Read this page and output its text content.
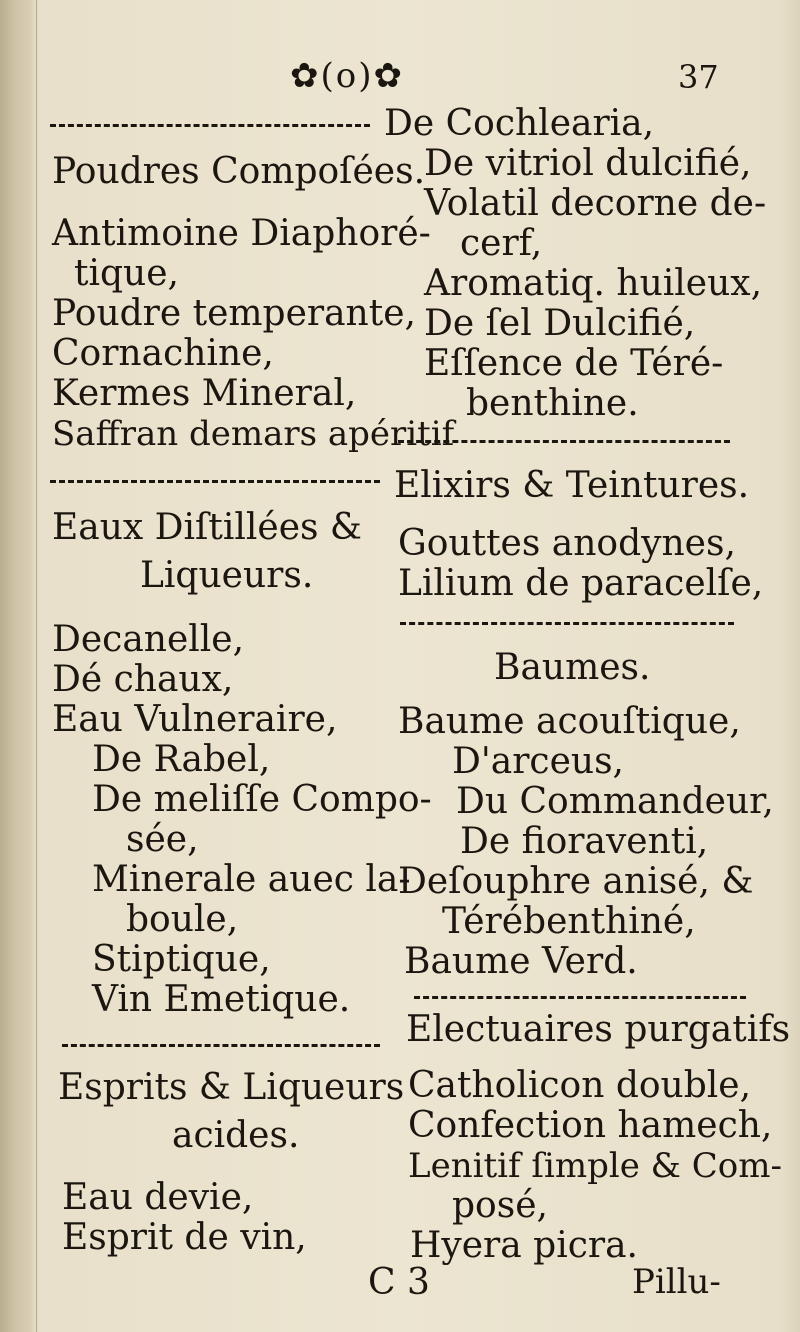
✿(o)✿	37
Poudres Compoſées.
Antimoine Diaphoré-
tique,
Poudre temperante,
Cornachine,
Kermes Mineral,
Saffran demars apéritif
Eaux Diſtillées &
Liqueurs.
Decanelle,
Dé chaux,
Eau Vulneraire,
De Rabel,
De meliſſe Compo-
sée,
Minerale auec la-
boule,
Stiptique,
Vin Emetique.
Esprits & Liqueurs
acides.
Eau devie,
Esprit de vin,
De Cochlearia,
De vitriol dulcifié,
Volatil decorne de-
cerf,
Aromatiq. huileux,
De ſel Dulcifié,
Eſſence de Téré-
benthine.
Elixirs & Teintures.
Gouttes anodynes,
Lilium de paracelſe,
Baumes.
Baume acouſtique,
D'arceus,
Du Commandeur,
De fioraventi,
Deſouphre anisé, &
Térébenthiné,
Baume Verd.
Electuaires purgatifs
Catholicon double,
Confection hamech,
Lenitif ſimple & Com-
posé,
Hyera picra.
C 3	Pillu-
